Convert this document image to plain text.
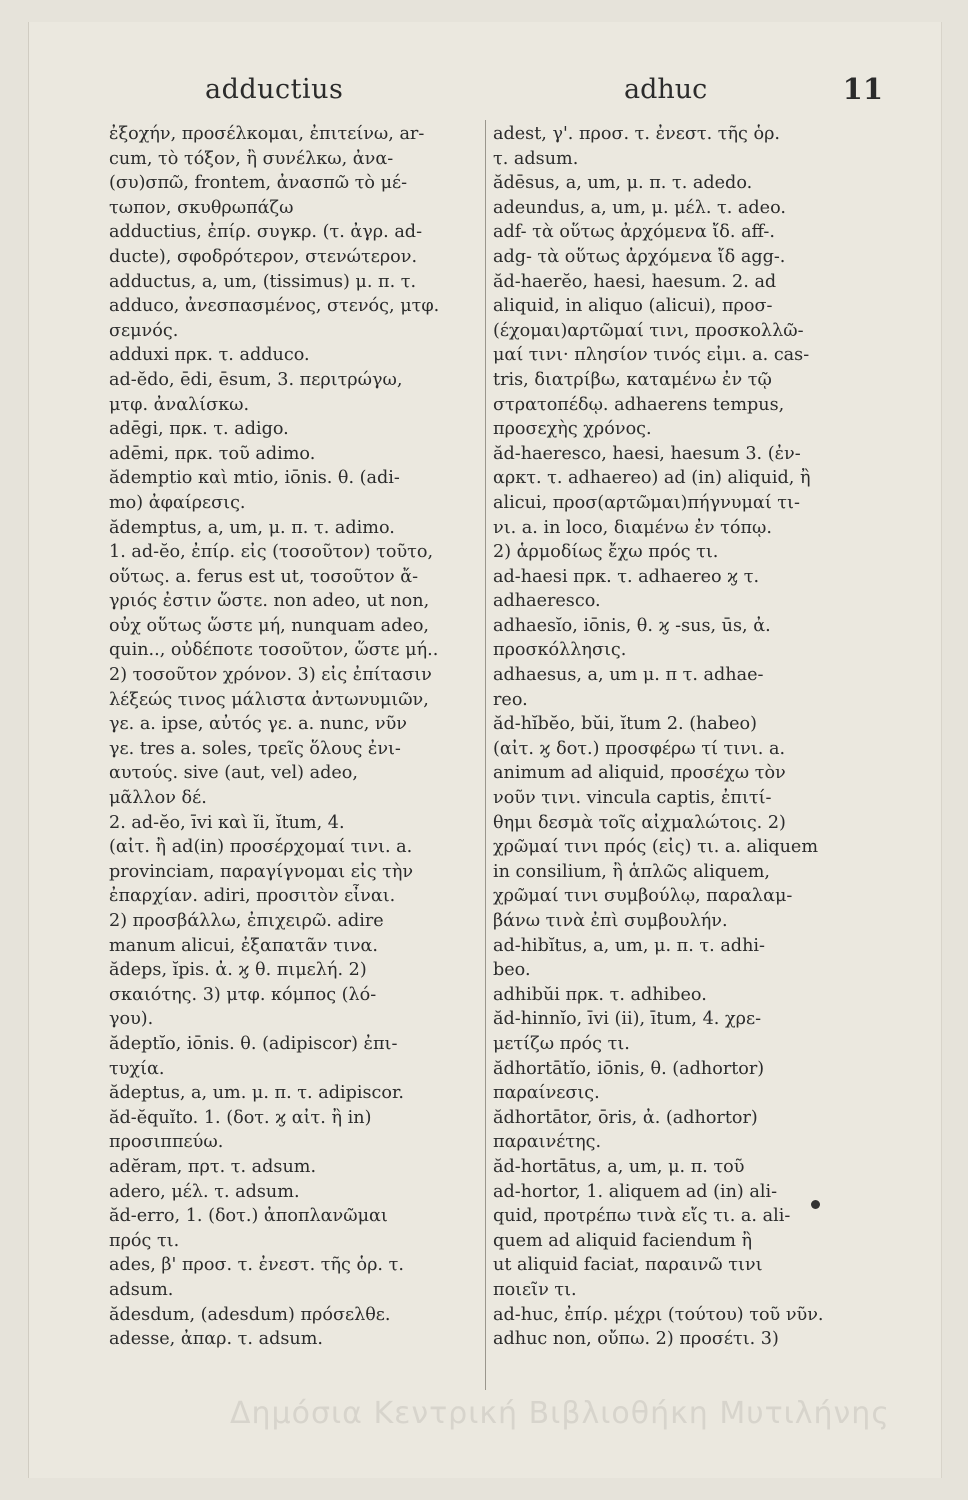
adductius	adhuc	11
ἐξοχήν, προσέλκομαι, ἐπιτείνω, ar-
cum, τὸ τόξον, ἢ συνέλκω, ἀνα-
(συ)σπῶ, frontem, ἀνασπῶ τὸ μέ-
τωπον, σκυθρωπάζω
adductius, ἐπίρ. συγκρ. (τ. ἀγρ. ad-
ducte), σφοδρότερον, στενώτερον.
adductus, a, um, (tissimus) μ. π. τ.
adduco, ἀνεσπασμένος, στενός, μτφ.
σεμνός.
adduxi πρκ. τ. adduco.
ad-ĕdo, ēdi, ēsum, 3. περιτρώγω,
μτφ. ἀναλίσκω.
adēgi, πρκ. τ. adigo.
adēmi, πρκ. τοῦ adimo.
ădemptio καὶ mtio, iōnis. θ. (adi-
mo) ἀφαίρεσις.
ădemptus, a, um, μ. π. τ. adimo.
1. ad-ĕo, ἐπίρ. εἰς (τοσοῦτον) τοῦτο,
οὕτως. a. ferus est ut, τοσοῦτον ἄ-
γριός ἐστιν ὥστε. non adeo, ut non,
οὐχ οὕτως ὥστε μή, nunquam adeo,
quin.., οὐδέποτε τοσοῦτον, ὥστε μή..
2) τοσοῦτον χρόνον. 3) εἰς ἐπίτασιν
λέξεώς τινος μάλιστα ἀντωνυμιῶν,
γε. a. ipse, αὐτός γε. a. nunc, νῦν
γε. tres a. soles, τρεῖς ὅλους ἐνι-
αυτούς. sive (aut, vel) adeo,
μᾶλλον δέ.
2. ad-ĕo, īvi καὶ ĭi, ĭtum, 4.
(αἰτ. ἢ ad(in) προσέρχομαί τινι. a.
provinciam, παραγίγνομαι εἰς τὴν
ἐπαρχίαν. adiri, προσιτὸν εἶναι.
2) προσβάλλω, ἐπιχειρῶ. adire
manum alicui, ἐξαπατᾶν τινα.
ădeps, ĭpis. ἀ. ϗ θ. πιμελή. 2)
σκαιότης. 3) μτφ. κόμπος (λό-
γου).
ădeptĭo, iōnis. θ. (adipiscor) ἐπι-
τυχία.
ădeptus, a, um. μ. π. τ. adipiscor.
ăd-ĕquĭto. 1. (δοτ. ϗ αἰτ. ἢ in)
προσιππεύω.
adĕram, πρτ. τ. adsum.
adero, μέλ. τ. adsum.
ăd-erro, 1. (δοτ.) ἀποπλανῶμαι
πρός τι.
ades, β' προσ. τ. ἐνεστ. τῆς ὁρ. τ.
adsum.
ădesdum, (adesdum) πρόσελθε.
adesse, ἀπαρ. τ. adsum.
adest, γ'. προσ. τ. ἐνεστ. τῆς ὁρ.
τ. adsum.
ădēsus, a, um, μ. π. τ. adedo.
adeundus, a, um, μ. μέλ. τ. adeo.
adf- τὰ οὕτως ἀρχόμενα ἴδ. aff-.
adg- τὰ οὕτως ἀρχόμενα ἴδ agg-.
ăd-haerĕo, haesi, haesum. 2. ad
aliquid, in aliquo (alicui), προσ-
(έχομαι)αρτῶμαί τινι, προσκολλῶ-
μαί τινι· πλησίον τινός εἰμι. a. cas-
tris, διατρίβω, καταμένω ἐν τῷ
στρατοπέδῳ. adhaerens tempus,
προσεχὴς χρόνος.
ăd-haeresco, haesi, haesum 3. (ἐν-
αρκτ. τ. adhaereo) ad (in) aliquid, ἢ
alicui, προσ(αρτῶμαι)πήγνυμαί τι-
νι. a. in loco, διαμένω ἐν τόπῳ.
2) ἁρμοδίως ἔχω πρός τι.
ad-haesi πρκ. τ. adhaereo ϗ τ.
adhaeresco.
adhaesĭo, iōnis, θ. ϗ -sus, ūs, ἀ.
προσκόλλησις.
adhaesus, a, um μ. π τ. adhae-
reo.
ăd-hĭbĕo, bŭi, ĭtum 2. (habeo)
(αἰτ. ϗ δοτ.) προσφέρω τί τινι. a.
animum ad aliquid, προσέχω τὸν
νοῦν τινι. vincula captis, ἐπιτί-
θημι δεσμὰ τοῖς αἰχμαλώτοις. 2)
χρῶμαί τινι πρός (εἰς) τι. a. aliquem
in consilium, ἢ ἁπλῶς aliquem,
χρῶμαί τινι συμβούλῳ, παραλαμ-
βάνω τινὰ ἐπὶ συμβουλήν.
ad-hibĭtus, a, um, μ. π. τ. adhi-
beo.
adhibŭi πρκ. τ. adhibeo.
ăd-hinnĭo, īvi (ii), ītum, 4. χρε-
μετίζω πρός τι.
ădhortātĭo, iōnis, θ. (adhortor)
παραίνεσις.
ădhortātor, ōris, ἀ. (adhortor)
παραινέτης.
ăd-hortātus, a, um, μ. π. τοῦ
ad-hortor, 1. aliquem ad (in) ali-
quid, προτρέπω τινὰ εἴς τι. a. ali-
quem ad aliquid faciendum ἢ
ut aliquid faciat, παραινῶ τινι
ποιεῖν τι.
ad-huc, ἐπίρ. μέχρι (τούτου) τοῦ νῦν.
adhuc non, οὔπω. 2) προσέτι. 3)
Δημόσια Κεντρική Βιβλιοθήκη Μυτιλήνης
